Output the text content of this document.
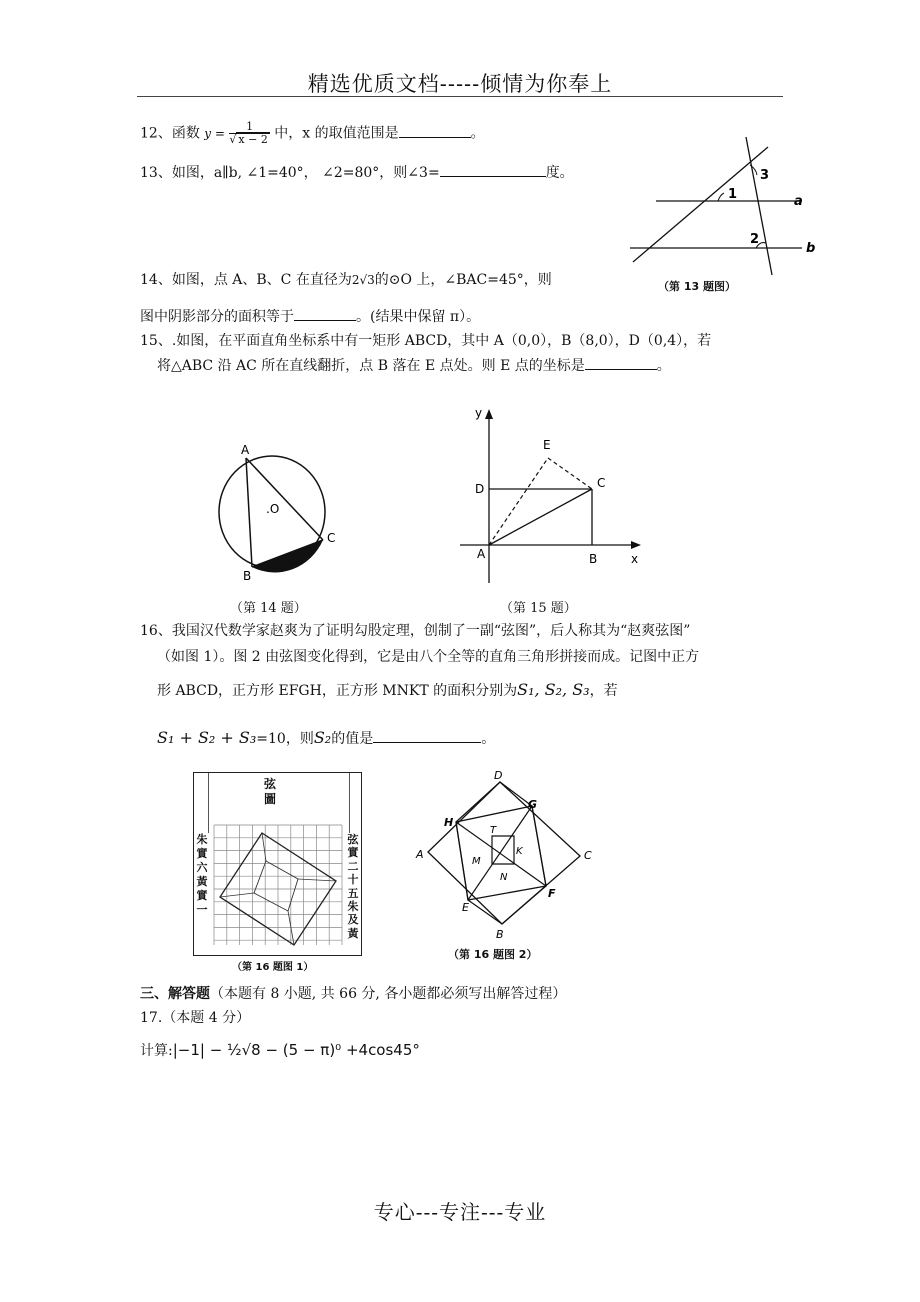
精选优质文档-----倾情为你奉上
12、函数 $y = \frac{1}{√ x - 2}$ 中，x 的取值范围是	。
13、如图，a∥b, ∠1=40°， ∠2=80°，则∠3=	度。
1
2
3
a
b
（第 13 题图）
14、如图，点 A、B、C 在直径为2√3的⊙O 上，∠BAC=45°，则
图中阴影部分的面积等于	。(结果中保留 π）。
15、.如图，在平面直角坐标系中有一矩形 ABCD，其中 A（0,0），B（8,0），D（0,4），若
将△ABC 沿 AC 所在直线翻折，点 B 落在 E 点处。则 E 点的坐标是	。
A
B
C
.O
（第 14 题）
y
x
A	B
C
D
E
（第 15 题）
16、我国汉代数学家赵爽为了证明勾股定理，创制了一副“弦图”，后人称其为“赵爽弦图”
（如图 1）。图 2 由弦图变化得到，它是由八个全等的直角三角形拼接而成。记图中正方
形 ABCD，正方形 EFGH，正方形 MNKT 的面积分别为S₁, S₂, S₃，若
S₁ + S₂ + S₃=10，则S₂的值是	。
弦圖
朱實六黃實一
弦實二十五朱及黃
（第 16 题图 1）
D
C
B
A
H
G
F
E
T
K
M
N
（第 16 题图 2）
三、解答题（本题有 8 小题, 共 66 分, 各小题都必须写出解答过程）
17.（本题 4 分）
计算:|−1| − ½√8 − (5 − π)⁰ +4cos45°
专心---专注---专业
